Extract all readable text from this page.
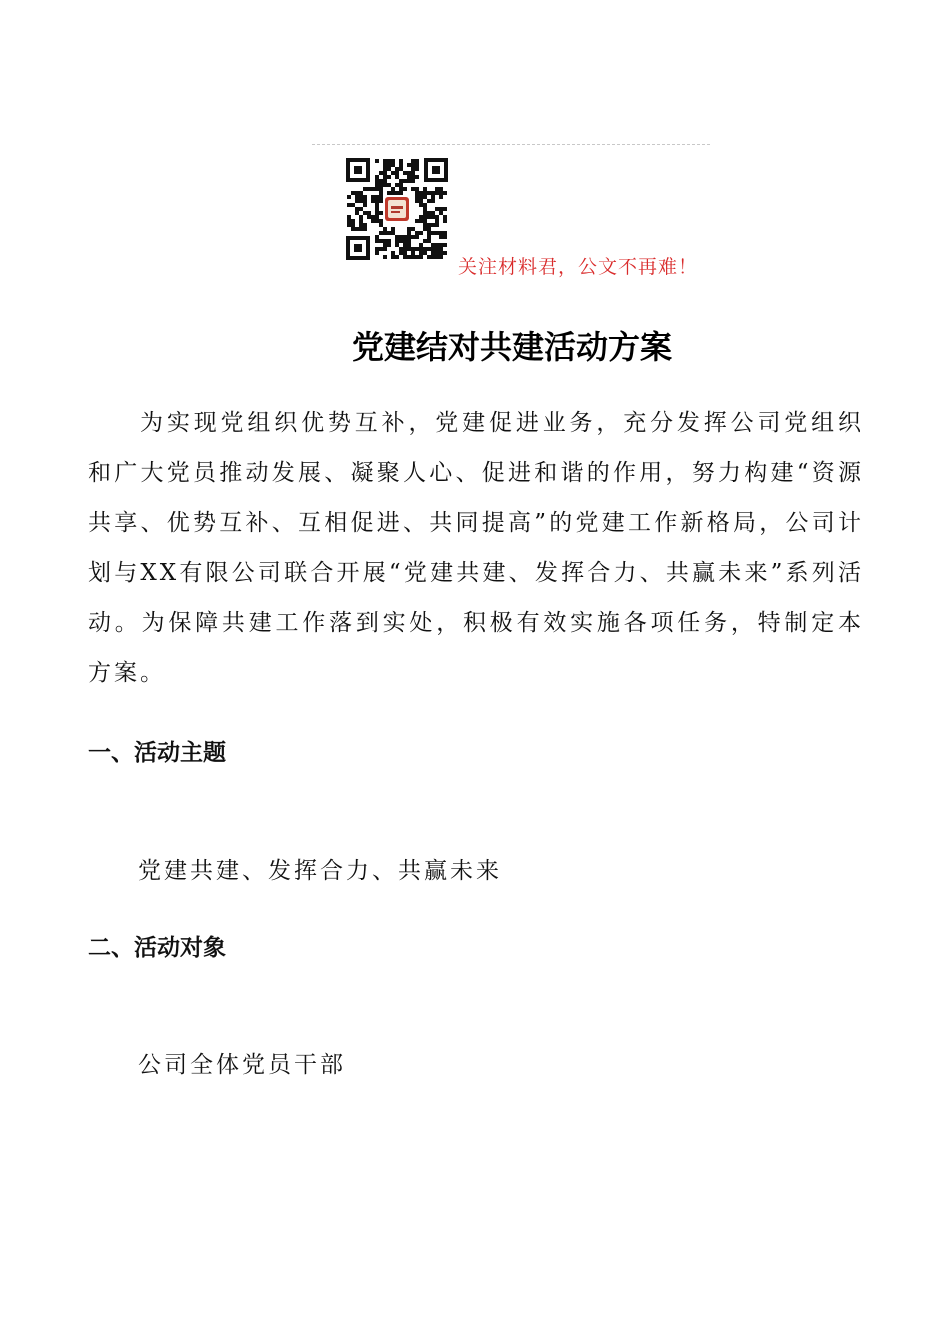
关注材料君，公文不再难！
党建结对共建活动方案
为实现党组织优势互补，党建促进业务，充分发挥公司党组织和广大党员推动发展、凝聚人心、促进和谐的作用，努力构建“资源共享、优势互补、互相促进、共同提高”的党建工作新格局，公司计划与XX有限公司联合开展“党建共建、发挥合力、共赢未来”系列活动。为保障共建工作落到实处，积极有效实施各项任务，特制定本方案。
一、活动主题
党建共建、发挥合力、共赢未来
二、活动对象
公司全体党员干部
